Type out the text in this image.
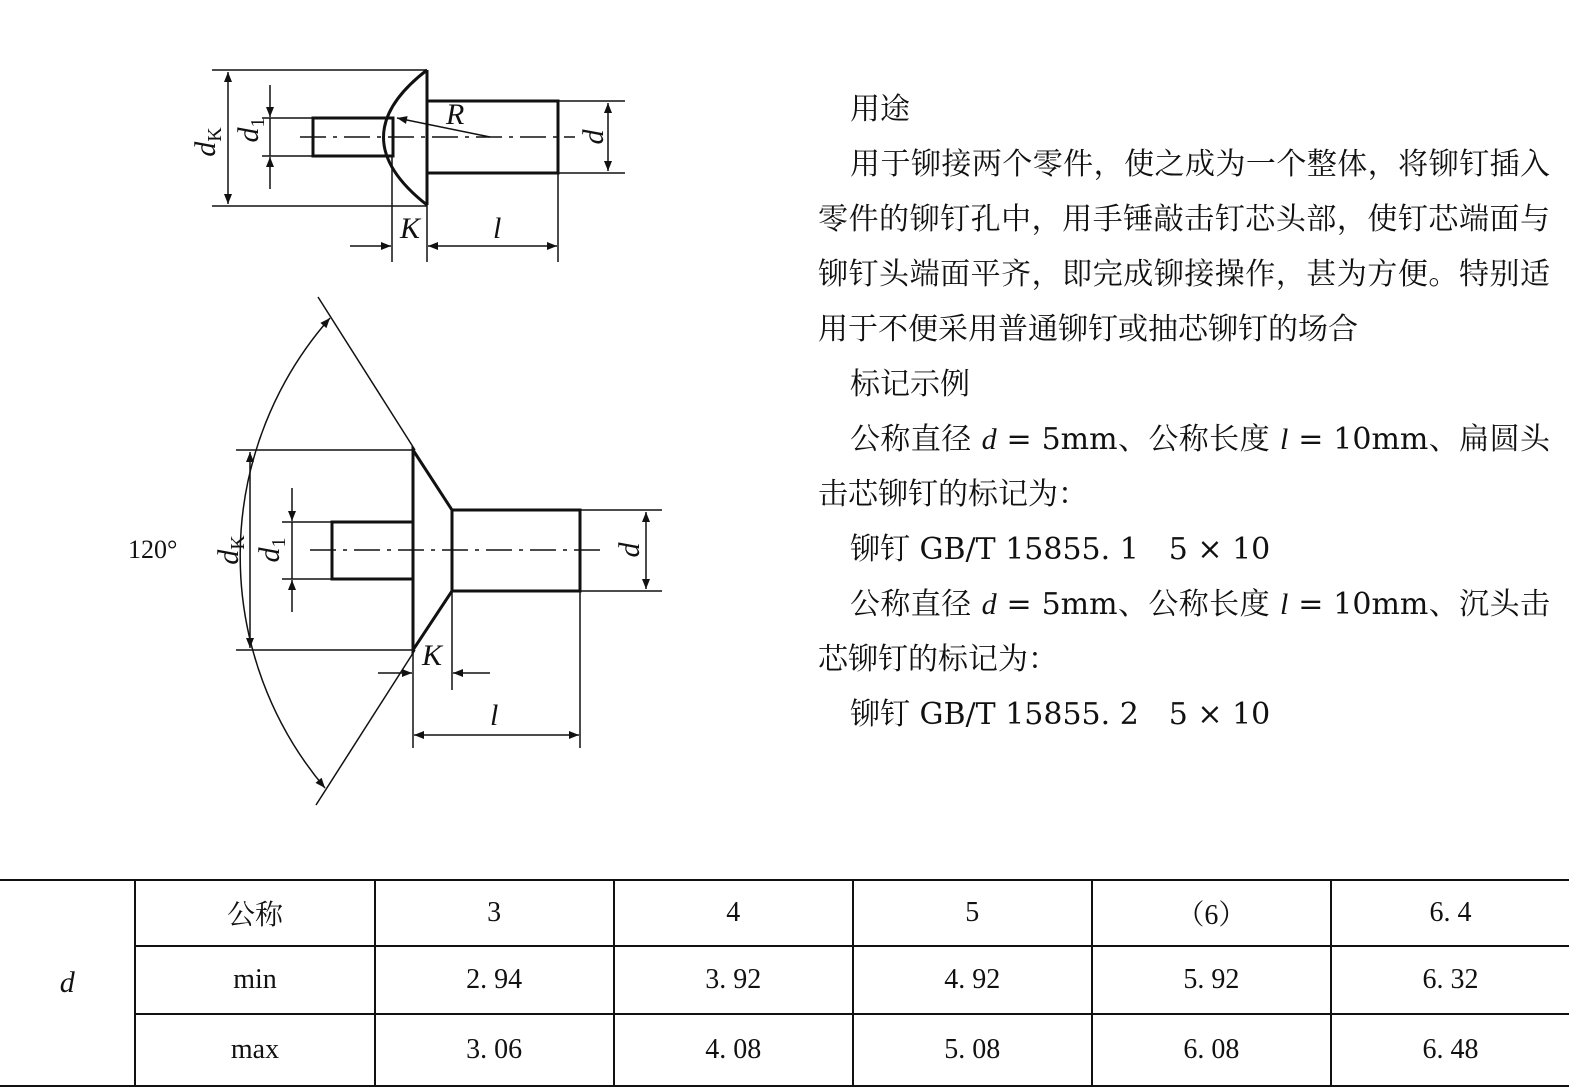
$d_K$ $d_1$	R
d
K l
120° $d_K$
$d_1$	d
K
l

用途

用于铆接两个零件，使之成为一个整体，将铆钉插入零件的铆钉孔中，用手锤敲击钉芯头部，使钉芯端面与铆钉头端面平齐，即完成铆接操作，甚为方便。特别适用于不便采用普通铆钉或抽芯铆钉的场合

标记示例

公称直径 d = 5mm、公称长度 l = 10mm、扁圆头击芯铆钉的标记为：

铆钉 GB/T 15855. 1　5 × 10

公称直径 d = 5mm、公称长度 l = 10mm、沉头击芯铆钉的标记为：

铆钉 GB/T 15855. 2　5 × 10

d	公称	3	4	5	（6）	6. 4
	min	2. 94	3. 92	4. 92	5. 92	6. 32
	max	3. 06	4. 08	5. 08	6. 08	6. 48
